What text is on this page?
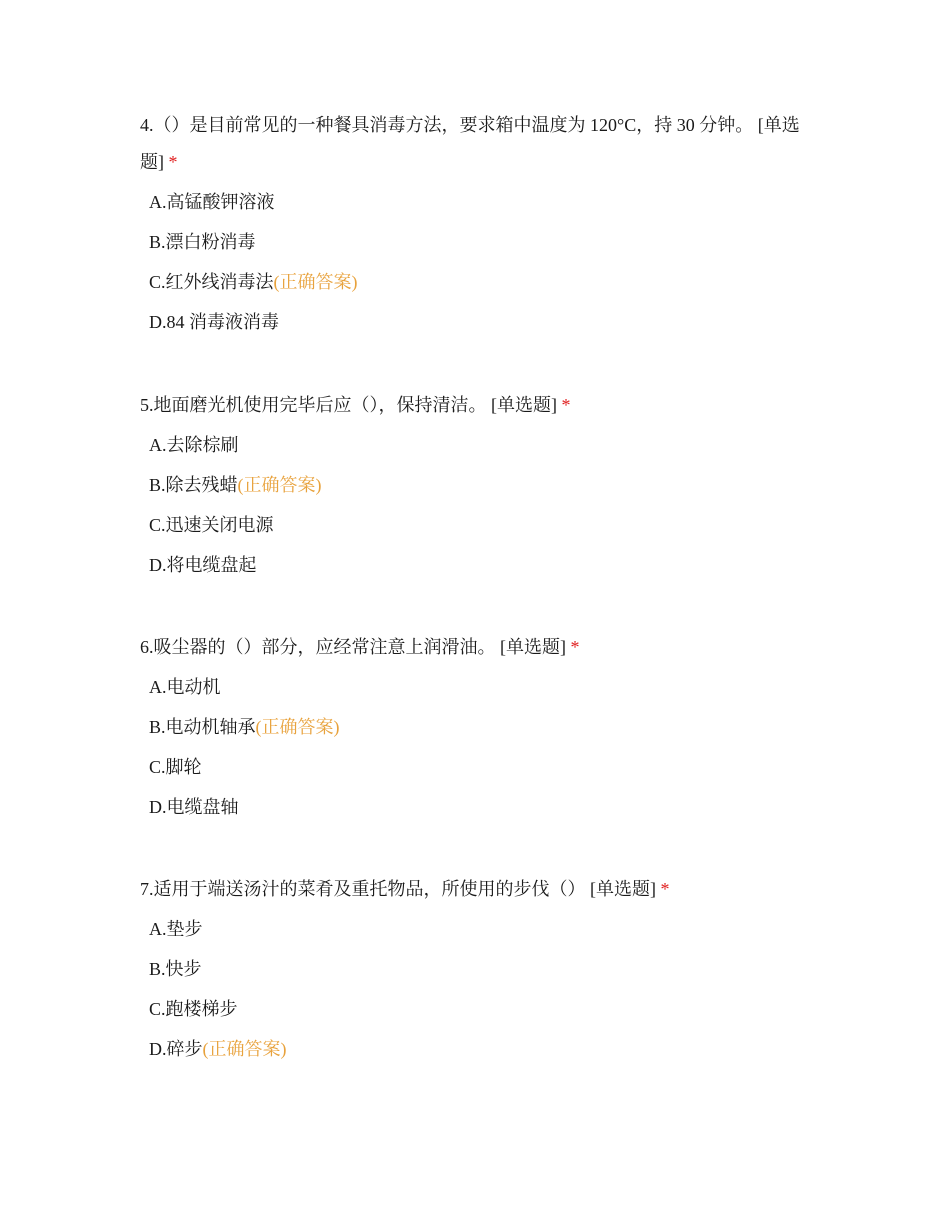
4.（）是目前常见的一种餐具消毒方法，要求箱中温度为 120°C，持 30 分钟。 [单选题] *

A.高锰酸钾溶液
B.漂白粉消毒
C.红外线消毒法(正确答案)
D.84 消毒液消毒

5.地面磨光机使用完毕后应（），保持清洁。 [单选题] *

A.去除棕刷
B.除去残蜡(正确答案)
C.迅速关闭电源
D.将电缆盘起

6.吸尘器的（）部分，应经常注意上润滑油。 [单选题] *

A.电动机
B.电动机轴承(正确答案)
C.脚轮
D.电缆盘轴

7.适用于端送汤汁的菜肴及重托物品，所使用的步伐（） [单选题] *

A.垫步
B.快步
C.跑楼梯步
D.碎步(正确答案)
